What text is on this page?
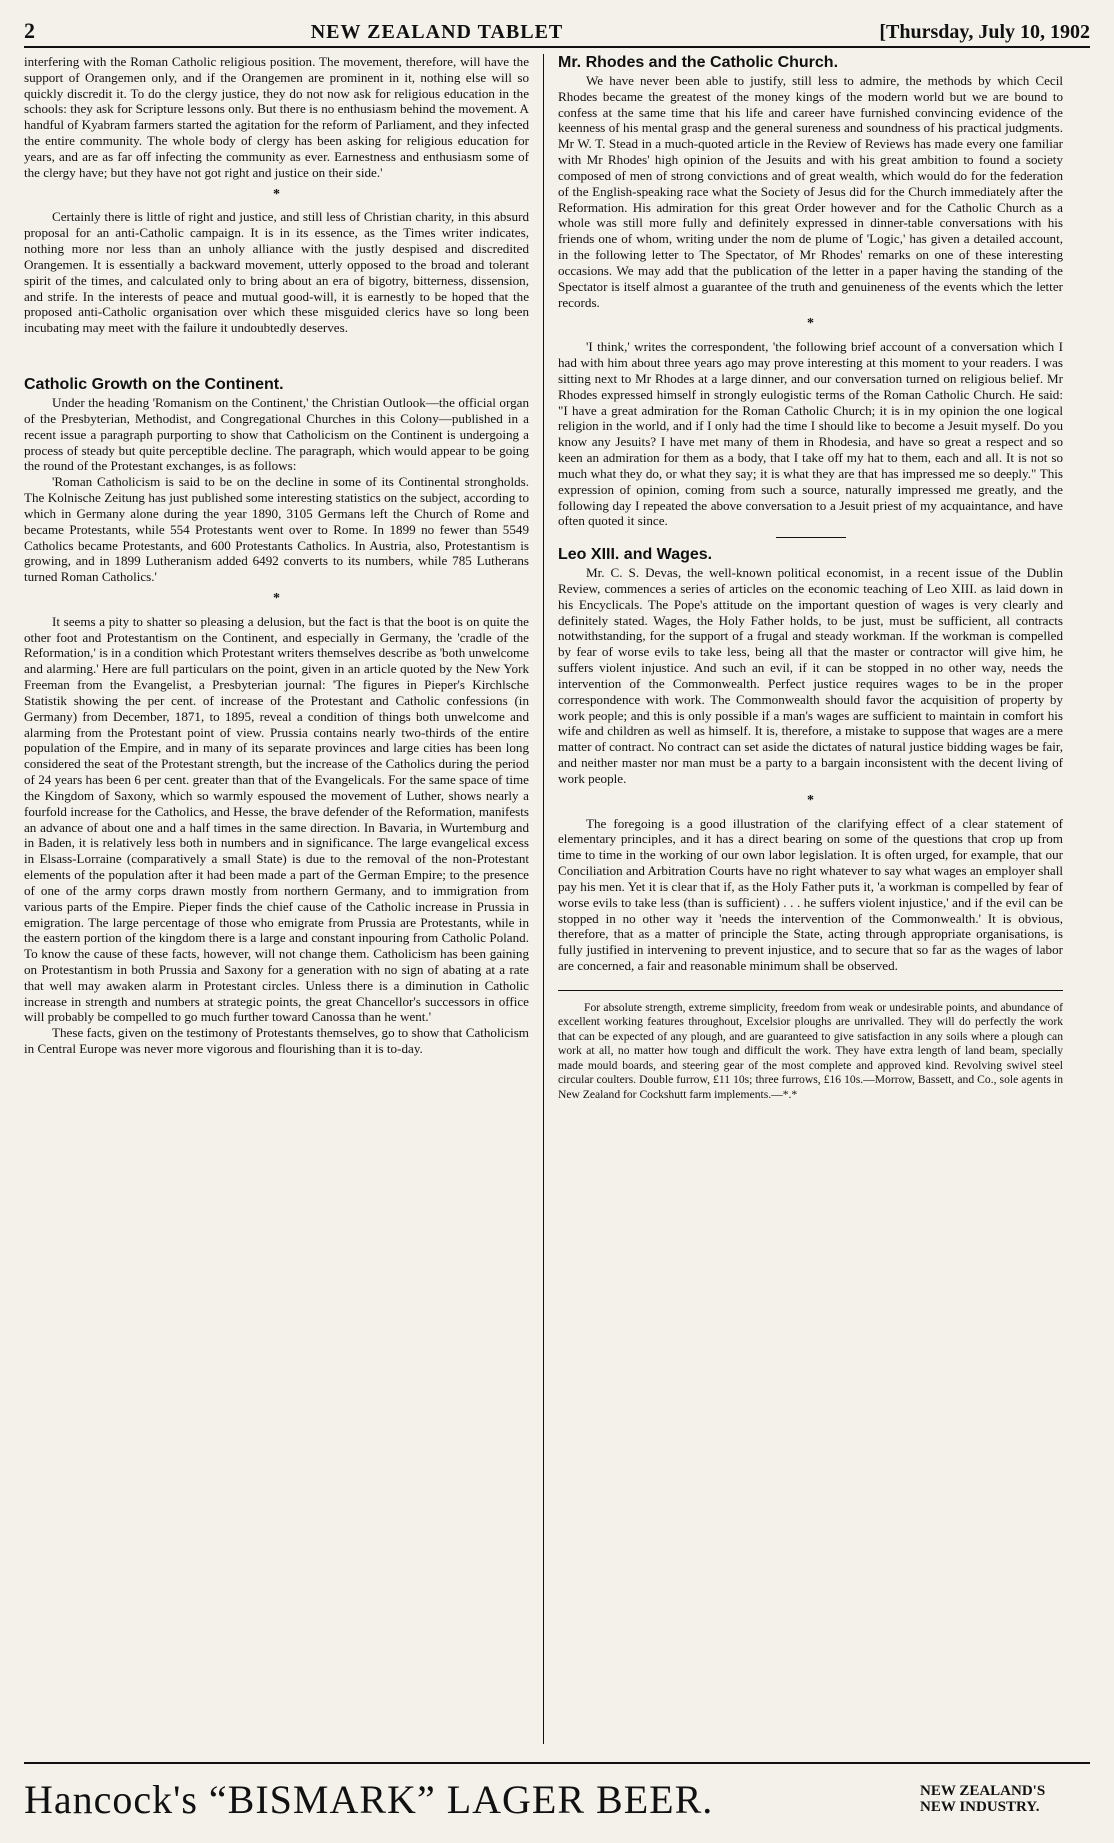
2	NEW ZEALAND TABLET	[Thursday, July 10, 1902

interfering with the Roman Catholic religious position. The movement, therefore, will have the support of Orangemen only, and if the Orangemen are prominent in it, nothing else will so quickly discredit it. To do the clergy justice, they do not now ask for religious education in the schools: they ask for Scripture lessons only. But there is no enthusiasm behind the movement. A handful of Kyabram farmers started the agitation for the reform of Parliament, and they infected the entire community. The whole body of clergy has been asking for religious education for years, and are as far off infecting the community as ever. Earnestness and enthusiasm some of the clergy have; but they have not got right and justice on their side.'

*

Certainly there is little of right and justice, and still less of Christian charity, in this absurd proposal for an anti-Catholic campaign. It is in its essence, as the Times writer indicates, nothing more nor less than an unholy alliance with the justly despised and discredited Orangemen. It is essentially a backward movement, utterly opposed to the broad and tolerant spirit of the times, and calculated only to bring about an era of bigotry, bitterness, dissension, and strife. In the interests of peace and mutual good-will, it is earnestly to be hoped that the proposed anti-Catholic organisation over which these misguided clerics have so long been incubating may meet with the failure it undoubtedly deserves.

Catholic Growth on the Continent.

Under the heading 'Romanism on the Continent,' the Christian Outlook—the official organ of the Presbyterian, Methodist, and Congregational Churches in this Colony—published in a recent issue a paragraph purporting to show that Catholicism on the Continent is undergoing a process of steady but quite perceptible decline. The paragraph, which would appear to be going the round of the Protestant exchanges, is as follows:

'Roman Catholicism is said to be on the decline in some of its Continental strongholds. The Kolnische Zeitung has just published some interesting statistics on the subject, according to which in Germany alone during the year 1890, 3105 Germans left the Church of Rome and became Protestants, while 554 Protestants went over to Rome. In 1899 no fewer than 5549 Catholics became Protestants, and 600 Protestants Catholics. In Austria, also, Protestantism is growing, and in 1899 Lutheranism added 6492 converts to its numbers, while 785 Lutherans turned Roman Catholics.'

*

It seems a pity to shatter so pleasing a delusion, but the fact is that the boot is on quite the other foot and Protestantism on the Continent, and especially in Germany, the 'cradle of the Reformation,' is in a condition which Protestant writers themselves describe as 'both unwelcome and alarming.' Here are full particulars on the point, given in an article quoted by the New York Freeman from the Evangelist, a Presbyterian journal: 'The figures in Pieper's Kirchlsche Statistik showing the per cent. of increase of the Protestant and Catholic confessions (in Germany) from December, 1871, to 1895, reveal a condition of things both unwelcome and alarming from the Protestant point of view. Prussia contains nearly two-thirds of the entire population of the Empire, and in many of its separate provinces and large cities has been long considered the seat of the Protestant strength, but the increase of the Catholics during the period of 24 years has been 6 per cent. greater than that of the Evangelicals. For the same space of time the Kingdom of Saxony, which so warmly espoused the movement of Luther, shows nearly a fourfold increase for the Catholics, and Hesse, the brave defender of the Reformation, manifests an advance of about one and a half times in the same direction. In Bavaria, in Wurtemburg and in Baden, it is relatively less both in numbers and in significance. The large evangelical excess in Elsass-Lorraine (comparatively a small State) is due to the removal of the non-Protestant elements of the population after it had been made a part of the German Empire; to the presence of one of the army corps drawn mostly from northern Germany, and to immigration from various parts of the Empire. Pieper finds the chief cause of the Catholic increase in Prussia in emigration. The large percentage of those who emigrate from Prussia are Protestants, while in the eastern portion of the kingdom there is a large and constant inpouring from Catholic Poland. To know the cause of these facts, however, will not change them. Catholicism has been gaining on Protestantism in both Prussia and Saxony for a generation with no sign of abating at a rate that well may awaken alarm in Protestant circles. Unless there is a diminution in Catholic increase in strength and numbers at strategic points, the great Chancellor's successors in office will probably be compelled to go much further toward Canossa than he went.'

These facts, given on the testimony of Protestants themselves, go to show that Catholicism in Central Europe was never more vigorous and flourishing than it is to-day.

Mr. Rhodes and the Catholic Church.

We have never been able to justify, still less to admire, the methods by which Cecil Rhodes became the greatest of the money kings of the modern world but we are bound to confess at the same time that his life and career have furnished convincing evidence of the keenness of his mental grasp and the general sureness and soundness of his practical judgments. Mr W. T. Stead in a much-quoted article in the Review of Reviews has made every one familiar with Mr Rhodes' high opinion of the Jesuits and with his great ambition to found a society composed of men of strong convictions and of great wealth, which would do for the federation of the English-speaking race what the Society of Jesus did for the Church immediately after the Reformation. His admiration for this great Order however and for the Catholic Church as a whole was still more fully and definitely expressed in dinner-table conversations with his friends one of whom, writing under the nom de plume of 'Logic,' has given a detailed account, in the following letter to The Spectator, of Mr Rhodes' remarks on one of these interesting occasions. We may add that the publication of the letter in a paper having the standing of the Spectator is itself almost a guarantee of the truth and genuineness of the events which the letter records.

*

'I think,' writes the correspondent, 'the following brief account of a conversation which I had with him about three years ago may prove interesting at this moment to your readers. I was sitting next to Mr Rhodes at a large dinner, and our conversation turned on religious belief. Mr Rhodes expressed himself in strongly eulogistic terms of the Roman Catholic Church. He said: "I have a great admiration for the Roman Catholic Church; it is in my opinion the one logical religion in the world, and if I only had the time I should like to become a Jesuit myself. Do you know any Jesuits? I have met many of them in Rhodesia, and have so great a respect and so keen an admiration for them as a body, that I take off my hat to them, each and all. It is not so much what they do, or what they say; it is what they are that has impressed me so deeply." This expression of opinion, coming from such a source, naturally impressed me greatly, and the following day I repeated the above conversation to a Jesuit priest of my acquaintance, and have often quoted it since.

Leo XIII. and Wages.

Mr. C. S. Devas, the well-known political economist, in a recent issue of the Dublin Review, commences a series of articles on the economic teaching of Leo XIII. as laid down in his Encyclicals. The Pope's attitude on the important question of wages is very clearly and definitely stated. Wages, the Holy Father holds, to be just, must be sufficient, all contracts notwithstanding, for the support of a frugal and steady workman. If the workman is compelled by fear of worse evils to take less, being all that the master or contractor will give him, he suffers violent injustice. And such an evil, if it can be stopped in no other way, needs the intervention of the Commonwealth. Perfect justice requires wages to be in the proper correspondence with work. The Commonwealth should favor the acquisition of property by work people; and this is only possible if a man's wages are sufficient to maintain in comfort his wife and children as well as himself. It is, therefore, a mistake to suppose that wages are a mere matter of contract. No contract can set aside the dictates of natural justice bidding wages be fair, and neither master nor man must be a party to a bargain inconsistent with the decent living of work people.

*

The foregoing is a good illustration of the clarifying effect of a clear statement of elementary principles, and it has a direct bearing on some of the questions that crop up from time to time in the working of our own labor legislation. It is often urged, for example, that our Conciliation and Arbitration Courts have no right whatever to say what wages an employer shall pay his men. Yet it is clear that if, as the Holy Father puts it, 'a workman is compelled by fear of worse evils to take less (than is sufficient) . . . he suffers violent injustice,' and if the evil can be stopped in no other way it 'needs the intervention of the Commonwealth.' It is obvious, therefore, that as a matter of principle the State, acting through appropriate organisations, is fully justified in intervening to prevent injustice, and to secure that so far as the wages of labor are concerned, a fair and reasonable minimum shall be observed.

For absolute strength, extreme simplicity, freedom from weak or undesirable points, and abundance of excellent working features throughout, Excelsior ploughs are unrivalled. They will do perfectly the work that can be expected of any plough, and are guaranteed to give satisfaction in any soils where a plough can work at all, no matter how tough and difficult the work. They have extra length of land beam, specially made mould boards, and steering gear of the most complete and approved kind. Revolving swivel steel circular coulters. Double furrow, £11 10s; three furrows, £16 10s.—Morrow, Bassett, and Co., sole agents in New Zealand for Cockshutt farm implements.—*.*

Hancock's “BISMARK” LAGER BEER.	NEW ZEALAND'S
NEW INDUSTRY.
